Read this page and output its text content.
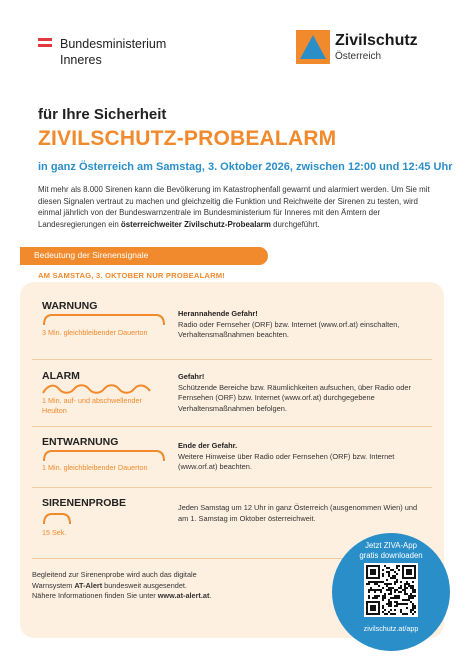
Bundesministerium
Inneres
Zivilschutz
Österreich
für Ihre Sicherheit
ZIVILSCHUTZ-PROBEALARM
in ganz Österreich am Samstag, 3. Oktober 2026, zwischen 12:00 und 12:45 Uhr
Mit mehr als 8.000 Sirenen kann die Bevölkerung im Katastrophenfall gewarnt und alarmiert werden. Um Sie mit diesen Signalen vertraut zu machen und gleichzeitig die Funktion und Reichweite der Sirenen zu testen, wird einmal jährlich von der Bundeswarnzentrale im Bundesministerium für Inneres mit den Ämtern der Landesregierungen ein österreichweiter Zivilschutz-Probealarm durchgeführt.
Bedeutung der Sirenensignale
AM SAMSTAG, 3. OKTOBER NUR PROBEALARM!
WARNUNG
3 Min. gleichbleibender Dauerton
Herannahende Gefahr!
Radio oder Fernseher (ORF) bzw. Internet (www.orf.at) einschalten, Verhaltensmaßnahmen beachten.
ALARM
1 Min. auf- und abschwellender Heulton
Gefahr!
Schützende Bereiche bzw. Räumlichkeiten aufsuchen, über Radio oder Fernsehen (ORF) bzw. Internet (www.orf.at) durchgegebene Verhaltensmaßnahmen befolgen.
ENTWARNUNG
1 Min. gleichbleibender Dauerton
Ende der Gefahr.
Weitere Hinweise über Radio oder Fernsehen (ORF) bzw. Internet (www.orf.at) beachten.
SIRENENPROBE
15 Sek.
Jeden Samstag um 12 Uhr in ganz Österreich (ausgenommen Wien) und am 1. Samstag im Oktober österreichweit.
Begleitend zur Sirenenprobe wird auch das digitale
Warnsystem AT-Alert bundesweit ausgesendet.
Nähere Informationen finden Sie unter www.at-alert.at.
Jetzt ZIVA-App
gratis downloaden
zivilschutz.at/app
